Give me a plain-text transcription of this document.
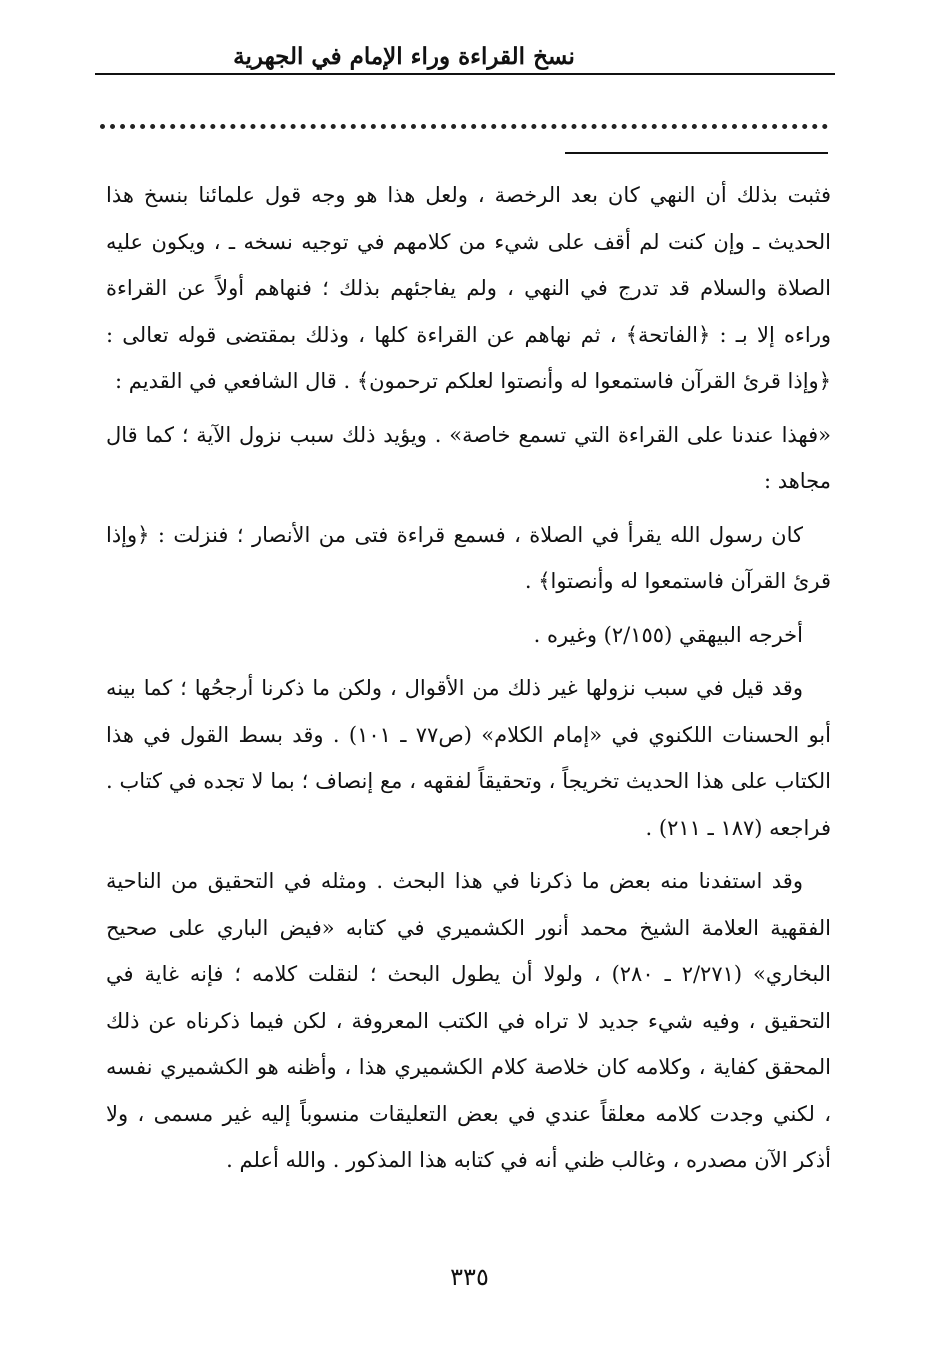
نسخ القراءة وراء الإمام في الجهرية

فثبت بذلك أن النهي كان بعد الرخصة ، ولعل هذا هو وجه قول علمائنا بنسخ هذا الحديث ـ وإن كنت لم أقف على شيء من كلامهم في توجيه نسخه ـ ، ويكون عليه الصلاة والسلام قد تدرج في النهي ، ولم يفاجئهم بذلك ؛ فنهاهم أولاً عن القراءة وراءه إلا بـ : ﴿الفاتحة﴾ ، ثم نهاهم عن القراءة كلها ، وذلك بمقتضى قوله تعالى : ﴿وإذا قرئ القرآن فاستمعوا له وأنصتوا لعلكم ترحمون﴾ . قال الشافعي في القديم :

«فهذا عندنا على القراءة التي تسمع خاصة» . ويؤيد ذلك سبب نزول الآية ؛ كما قال مجاهد :

كان رسول الله يقرأ في الصلاة ، فسمع قراءة فتى من الأنصار ؛ فنزلت : ﴿وإذا قرئ القرآن فاستمعوا له وأنصتوا﴾ .

أخرجه البيهقي (٢/١٥٥) وغيره .

وقد قيل في سبب نزولها غير ذلك من الأقوال ، ولكن ما ذكرنا أرجحُها ؛ كما بينه أبو الحسنات اللكنوي في «إمام الكلام» (ص٧٧ ـ ١٠١) . وقد بسط القول في هذا الكتاب على هذا الحديث تخريجاً ، وتحقيقاً لفقهه ، مع إنصاف ؛ بما لا تجده في كتاب . فراجعه (١٨٧ ـ ٢١١) .

وقد استفدنا منه بعض ما ذكرنا في هذا البحث . ومثله في التحقيق من الناحية الفقهية العلامة الشيخ محمد أنور الكشميري في كتابه «فيض الباري على صحيح البخاري» (٢/٢٧١ ـ ٢٨٠) ، ولولا أن يطول البحث ؛ لنقلت كلامه ؛ فإنه غاية في التحقيق ، وفيه شيء جديد لا تراه في الكتب المعروفة ، لكن فيما ذكرناه عن ذلك المحقق كفاية ، وكلامه كان خلاصة كلام الكشميري هذا ، وأظنه هو الكشميري نفسه ، لكني وجدت كلامه معلقاً عندي في بعض التعليقات منسوباً إليه غير مسمى ، ولا أذكر الآن مصدره ، وغالب ظني أنه في كتابه هذا المذكور . والله أعلم .

٣٣٥
